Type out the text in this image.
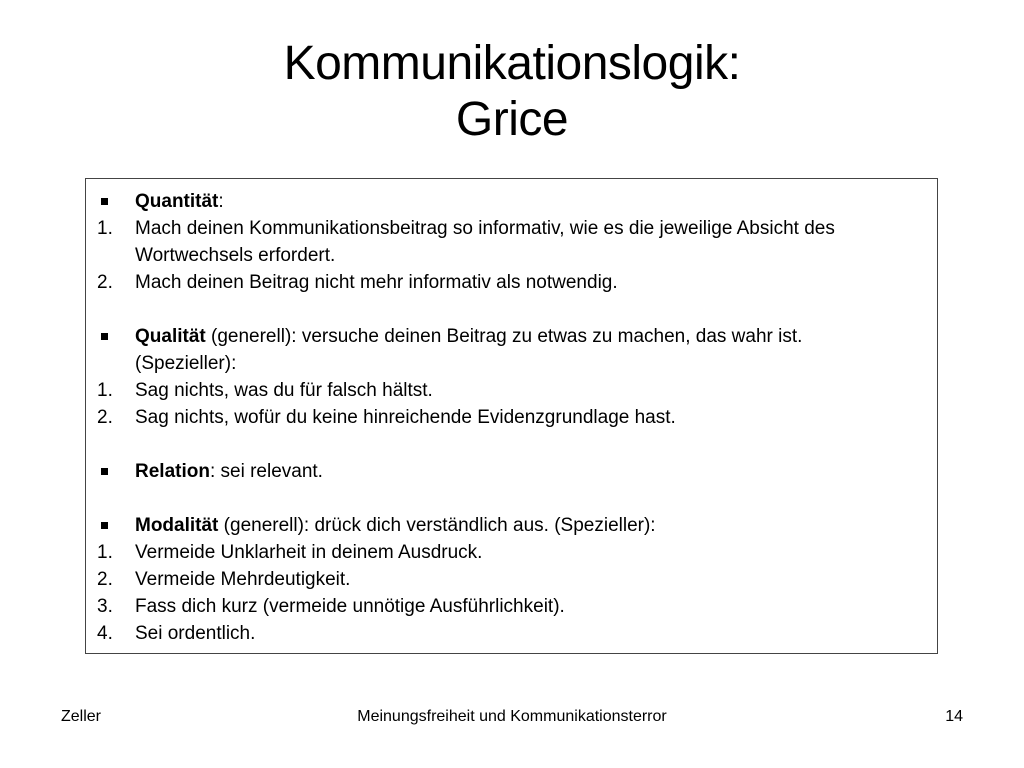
Kommunikationslogik:
Grice
Quantität:
1.	Mach deinen Kommunikationsbeitrag so informativ, wie es die jeweilige Absicht des Wortwechsels erfordert.
2.	Mach deinen Beitrag nicht mehr informativ als notwendig.
Qualität (generell): versuche deinen Beitrag zu etwas zu machen, das wahr ist. (Spezieller):
1.	Sag nichts, was du für falsch hältst.
2.	Sag nichts, wofür du keine hinreichende Evidenzgrundlage hast.
Relation: sei relevant.
Modalität (generell): drück dich verständlich aus. (Spezieller):
1.	Vermeide Unklarheit in deinem Ausdruck.
2.	Vermeide Mehrdeutigkeit.
3.	Fass dich kurz (vermeide unnötige Ausführlichkeit).
4.	Sei ordentlich.
Zeller	Meinungsfreiheit und Kommunikationsterror	14
